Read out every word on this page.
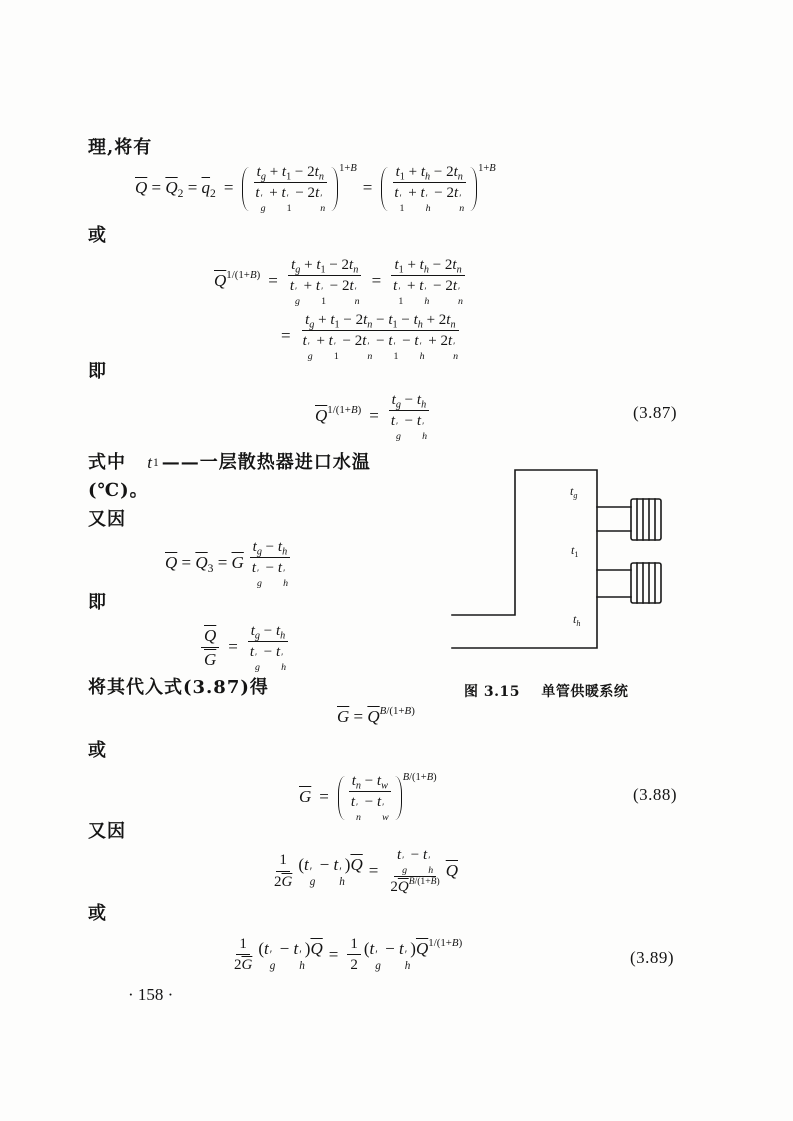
理,将有
$\overline{Q} = \overline{Q}_2 = \overline{q}_2 = t_g + t_1 - 2t_n$
t ′
g
+ t ′
1
− 2t ′
n 1+B
= $t_1 + t_h - 2t_n$
t ′
1
+ t ′
h
− 2t ′
n 1+B
或
$\overline{Q}^{1/(1+B)} = t_g + t_1 - 2t_n$
t ′
g
+ t ′
1
− 2t ′
$n = t_1 + t_h - 2t_n$
t ′
1
+ t ′
h
− 2t ′
n
= $t_g + t_1 - 2t_n - t_1 - t_h + 2t_n$
t ′
g
+ t ′
1
− 2t ′
n
− t ′
1
− t ′
h
+ 2t ′
n
即
$\overline{Q}^{1/(1+B)} = t_g - t_h$
t ′
g
− t ′
h	(3.87)
式中 t 1 ——一层散热器进口水温
(℃)。
又因
$\overline{Q} = \overline{Q}_3 = \overline{G}$ $t_g - t_h$
t ′
g
− t ′
h
即
$\frac{\overline{Q}}{G} = t_g - t_h$
t ′
g
− t ′
h
将其代入式(3.87)得	图 3.15 单管供暖系统
$\overline{G} = \overline{Q}^{B/(1+B)}$
或
$\overline{G} = t_n - t_w$
t ′
n
− t ′
w B/(1+B)
(3.88)
又因
$\frac{1}{2\overline{G}} (t$ ′
g
− t ′
h
)$\overline{Q} = t$ ′
g
− t ′
h
$2\overline{Q}^{B/(1+B)}$ $\overline{Q}$
或
$\frac{1}{2\overline{G}} (t$ ′
g
− t ′
h
)$\overline{Q} = \frac{1}{2} (t$ ′
g
− t ′
h
)$\overline{Q}^{1/(1+B)}$
(3.89)
· 158 ·
$t_g$
$t_1$
$t_h$
